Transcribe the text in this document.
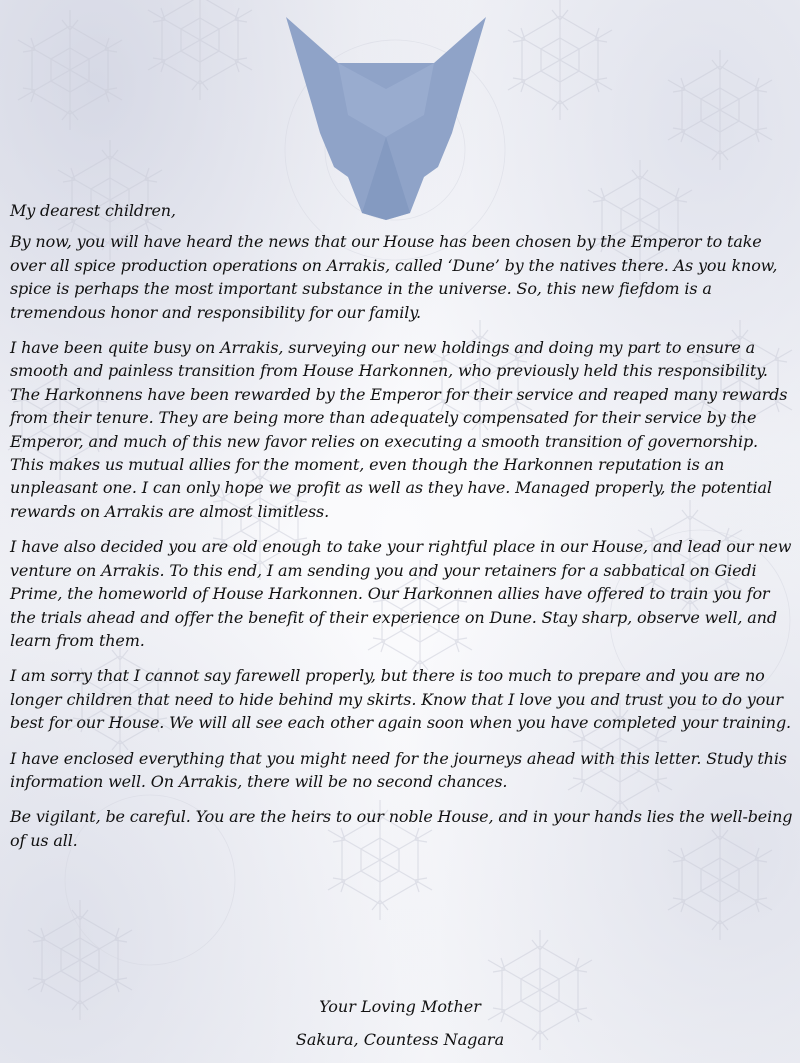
My dearest children,

By now, you will have heard the news that our House has been chosen by the Emperor to take over all spice production operations on Arrakis, called ‘Dune’ by the natives there. As you know, spice is perhaps the most important substance in the universe. So, this new fiefdom is a tremendous honor and responsibility for our family.

I have been quite busy on Arrakis, surveying our new holdings and doing my part to ensure a smooth and painless transition from House Harkonnen, who previously held this responsibility. The Harkonnens have been rewarded by the Emperor for their service and reaped many rewards from their tenure. They are being more than adequately compensated for their service by the Emperor, and much of this new favor relies on executing a smooth transition of governorship. This makes us mutual allies for the moment, even though the Harkonnen reputation is an unpleasant one. I can only hope we profit as well as they have. Managed properly, the potential rewards on Arrakis are almost limitless.

I have also decided you are old enough to take your rightful place in our House, and lead our new venture on Arrakis. To this end, I am sending you and your retainers for a sabbatical on Giedi Prime, the homeworld of House Harkonnen. Our Harkonnen allies have offered to train you for the trials ahead and offer the benefit of their experience on Dune. Stay sharp, observe well, and learn from them.

I am sorry that I cannot say farewell properly, but there is too much to prepare and you are no longer children that need to hide behind my skirts. Know that I love you and trust you to do your best for our House. We will all see each other again soon when you have completed your training.

I have enclosed everything that you might need for the journeys ahead with this letter. Study this information well. On Arrakis, there will be no second chances.

Be vigilant, be careful. You are the heirs to our noble House, and in your hands lies the well-being of us all.

Your Loving Mother
Sakura, Countess Nagara
